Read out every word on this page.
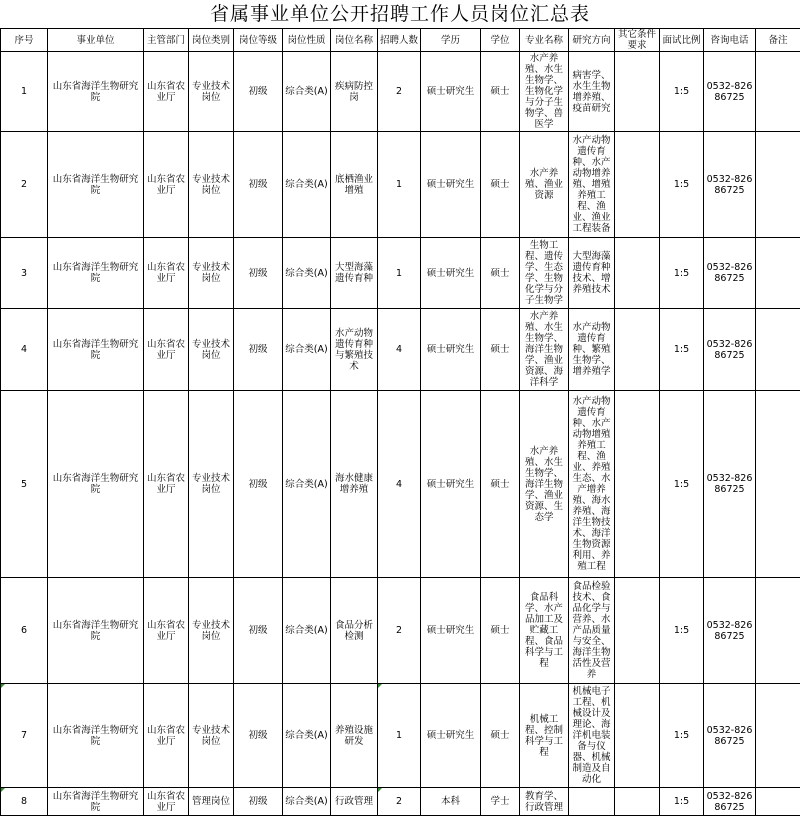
省属事业单位公开招聘工作人员岗位汇总表
序号	事业单位	主管部门	岗位类别	岗位等级	岗位性质	岗位名称	招聘人数	学历	学位	专业名称	研究方向	其它条件要求	面试比例	咨询电话	备注
1	山东省海洋生物研究院	山东省农业厅	专业技术岗位	初级	综合类(A)	疾病防控岗	2	硕士研究生	硕士	水产养殖、水生生物学、生物化学与分子生物学、兽医学	病害学、水生生物增养殖、疫苗研究		1:5	0532-82686725	
2	山东省海洋生物研究院	山东省农业厅	专业技术岗位	初级	综合类(A)	底栖渔业增殖	1	硕士研究生	硕士	水产养殖、渔业资源	水产动物遗传育种、水产动物增养殖、增殖养殖工程、渔业、渔业工程装备		1:5	0532-82686725	
3	山东省海洋生物研究院	山东省农业厅	专业技术岗位	初级	综合类(A)	大型海藻遗传育种	1	硕士研究生	硕士	生物工程、遗传学、生态学、生物化学与分子生物学	大型海藻遗传育种技术、增养殖技术		1:5	0532-82686725	
4	山东省海洋生物研究院	山东省农业厅	专业技术岗位	初级	综合类(A)	水产动物遗传育种与繁殖技术	4	硕士研究生	硕士	水产养殖、水生生物学、海洋生物学、渔业资源、海洋科学	水产动物遗传育种、繁殖生物学、增养殖学		1:5	0532-82686725	
5	山东省海洋生物研究院	山东省农业厅	专业技术岗位	初级	综合类(A)	海水健康增养殖	4	硕士研究生	硕士	水产养殖、水生生物学、海洋生物学、渔业资源、生态学	水产动物遗传育种、水产动物增殖养殖工程、渔业、养殖生态、水产增养殖、海水养殖、海洋生物技术、海洋生物资源利用、养殖工程		1:5	0532-82686725	
6	山东省海洋生物研究院	山东省农业厅	专业技术岗位	初级	综合类(A)	食品分析检测	2	硕士研究生	硕士	食品科学、水产品加工及贮藏工程、食品科学与工程	食品检验技术、食品化学与营养、水产品质量与安全、海洋生物活性及营养		1:5	0532-82686725	
7	山东省海洋生物研究院	山东省农业厅	专业技术岗位	初级	综合类(A)	养殖设施研发	1	硕士研究生	硕士	机械工程、控制科学与工程	机械电子工程、机械设计及理论、海洋机电装备与仪器、机械制造及自动化		1:5	0532-82686725	
8	山东省海洋生物研究院	山东省农业厅	管理岗位	初级	综合类(A)	行政管理	2	本科	学士	教育学、行政管理			1:5	0532-82686725	
